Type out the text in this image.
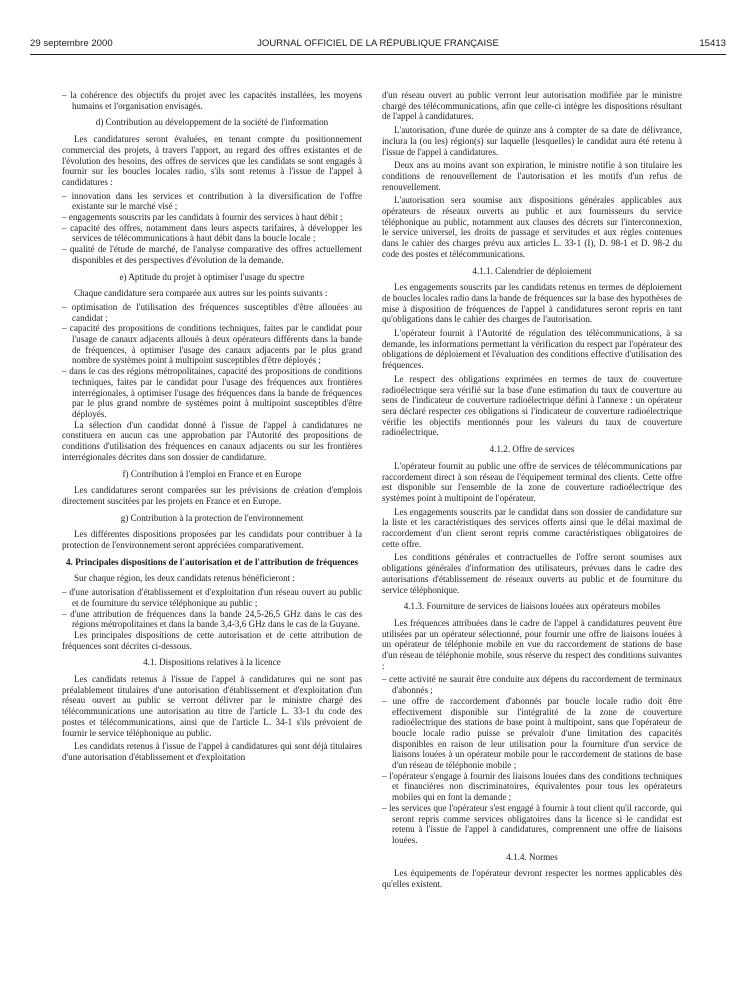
29 septembre 2000	JOURNAL OFFICIEL DE LA RÉPUBLIQUE FRANÇAISE	15413
– la cohérence des objectifs du projet avec les capacités installées, les moyens humains et l'organisation envisagés.
d) Contribution au développement de la société de l'information

Les candidatures seront évaluées, en tenant compte du positionnement commercial des projets, à travers l'apport, au regard des offres existantes et de l'évolution des besoins, des offres de services que les candidats se sont engagés à fournir sur les boucles locales radio, s'ils sont retenus à l'issue de l'appel à candidatures :

– innovation dans les services et contribution à la diversification de l'offre existante sur le marché visé ;
– engagements souscrits par les candidats à fournir des services à haut débit ;
– capacité des offres, notamment dans leurs aspects tarifaires, à développer les services de télécommunications à haut débit dans la boucle locale ;
– qualité de l'étude de marché, de l'analyse comparative des offres actuellement disponibles et des perspectives d'évolution de la demande.
e) Aptitude du projet à optimiser l'usage du spectre

Chaque candidature sera comparée aux autres sur les points suivants :

– optimisation de l'utilisation des fréquences susceptibles d'être allouées au candidat ;
– capacité des propositions de conditions techniques, faites par le candidat pour l'usage de canaux adjacents alloués à deux opérateurs différents dans la bande de fréquences, à optimiser l'usage des canaux adjacents par le plus grand nombre de systèmes point à multipoint susceptibles d'être déployés ;
– dans le cas des régions métropolitaines, capacité des propositions de conditions techniques, faites par le candidat pour l'usage des fréquences aux frontières interrégionales, à optimiser l'usage des fréquences dans la bande de fréquences par le plus grand nombre de systèmes point à multipoint susceptibles d'être déployés.

La sélection d'un candidat donné à l'issue de l'appel à candidatures ne constituera en aucun cas une approbation par l'Autorité des propositions de conditions d'utilisation des fréquences en canaux adjacents ou sur les frontières interrégionales décrites dans son dossier de candidature.

f) Contribution à l'emploi en France et en Europe

Les candidatures seront comparées sur les prévisions de création d'emplois directement suscitées par les projets en France et en Europe.

g) Contribution à la protection de l'environnement

Les différentes dispositions proposées par les candidats pour contribuer à la protection de l'environnement seront appréciées comparativement.

4. Principales dispositions de l'autorisation et de l'attribution de fréquences

Sur chaque région, les deux candidats retenus bénéficieront :

– d'une autorisation d'établissement et d'exploitation d'un réseau ouvert au public et de fourniture du service téléphonique au public ;
– d'une attribution de fréquences dans la bande 24,5-26,5 GHz dans le cas des régions métropolitaines et dans la bande 3,4-3,6 GHz dans le cas de la Guyane.

Les principales dispositions de cette autorisation et de cette attribution de fréquences sont décrites ci-dessous.

4.1. Dispositions relatives à la licence

Les candidats retenus à l'issue de l'appel à candidatures qui ne sont pas préalablement titulaires d'une autorisation d'établissement et d'exploitation d'un réseau ouvert au public se verront délivrer par le ministre chargé des télécommunications une autorisation au titre de l'article L. 33-1 du code des postes et télécommunications, ainsi que de l'article L. 34-1 s'ils prévoient de fournir le service téléphonique au public.

Les candidats retenus à l'issue de l'appel à candidatures qui sont déjà titulaires d'une autorisation d'établissement et d'exploitation

d'un réseau ouvert au public verront leur autorisation modifiée par le ministre chargé des télécommunications, afin que celle-ci intègre les dispositions résultant de l'appel à candidatures.

L'autorisation, d'une durée de quinze ans à compter de sa date de délivrance, inclura la (ou les) région(s) sur laquelle (lesquelles) le candidat aura été retenu à l'issue de l'appel à candidatures.

Deux ans au moins avant son expiration, le ministre notifie à son titulaire les conditions de renouvellement de l'autorisation et les motifs d'un refus de renouvellement.

L'autorisation sera soumise aux dispositions générales applicables aux opérateurs de réseaux ouverts au public et aux fournisseurs du service téléphonique au public, notamment aux clauses des décrets sur l'interconnexion, le service universel, les droits de passage et servitudes et aux règles contenues dans le cahier des charges prévu aux articles L. 33-1 (I), D. 98-1 et D. 98-2 du code des postes et télécommunications.

4.1.1. Calendrier de déploiement

Les engagements souscrits par les candidats retenus en termes de déploiement de boucles locales radio dans la bande de fréquences sur la base des hypothèses de mise à disposition de fréquences de l'appel à candidatures seront repris en tant qu'obligations dans le cahier des charges de l'autorisation.

L'opérateur fournit à l'Autorité de régulation des télécommunications, à sa demande, les informations permettant la vérification du respect par l'opérateur des obligations de déploiement et l'évaluation des conditions effective d'utilisation des fréquences.

Le respect des obligations exprimées en termes de taux de couverture radioélectrique sera vérifié sur la base d'une estimation du taux de couverture au sens de l'indicateur de couverture radioélectrique défini à l'annexe : un opérateur sera déclaré respecter ces obligations si l'indicateur de couverture radioélectrique vérifie les objectifs mentionnés pour les valeurs du taux de couverture radioélectrique.

4.1.2. Offre de services

L'opérateur fournit au public une offre de services de télécommunications par raccordement direct à son réseau de l'équipement terminal des clients. Cette offre est disponible sur l'ensemble de la zone de couverture radioélectrique des systèmes point à multipoint de l'opérateur.

Les engagements souscrits par le candidat dans son dossier de candidature sur la liste et les caractéristiques des services offerts ainsi que le délai maximal de raccordement d'un client seront repris comme caractéristiques obligatoires de cette offre.

Les conditions générales et contractuelles de l'offre seront soumises aux obligations générales d'information des utilisateurs, prévues dans le cadre des autorisations d'établissement de réseaux ouverts au public et de fourniture du service téléphonique.

4.1.3. Fourniture de services de liaisons louées aux opérateurs mobiles

Les fréquences attribuées dans le cadre de l'appel à candidatures peuvent être utilisées par un opérateur sélectionné, pour fournir une offre de liaisons louées à un opérateur de téléphonie mobile en vue du raccordement de stations de base d'un réseau de téléphonie mobile, sous réserve du respect des conditions suivantes :

– cette activité ne saurait être conduite aux dépens du raccordement de terminaux d'abonnés ;
– une offre de raccordement d'abonnés par boucle locale radio doit être effectivement disponible sur l'intégralité de la zone de couverture radioélectrique des stations de base point à multipoint, sans que l'opérateur de boucle locale radio puisse se prévaloir d'une limitation des capacités disponibles en raison de leur utilisation pour la fourniture d'un service de liaisons louées à un opérateur mobile pour le raccordement de stations de base d'un réseau de téléphonie mobile ;
– l'opérateur s'engage à fournir des liaisons louées dans des conditions techniques et financières non discriminatoires, équivalentes pour tous les opérateurs mobiles qui en font la demande ;
– les services que l'opérateur s'est engagé à fournir à tout client qu'il raccorde, qui seront repris comme services obligatoires dans la licence si le candidat est retenu à l'issue de l'appel à candidatures, comprennent une offre de liaisons louées.
4.1.4. Normes

Les équipements de l'opérateur devront respecter les normes applicables dès qu'elles existent.
